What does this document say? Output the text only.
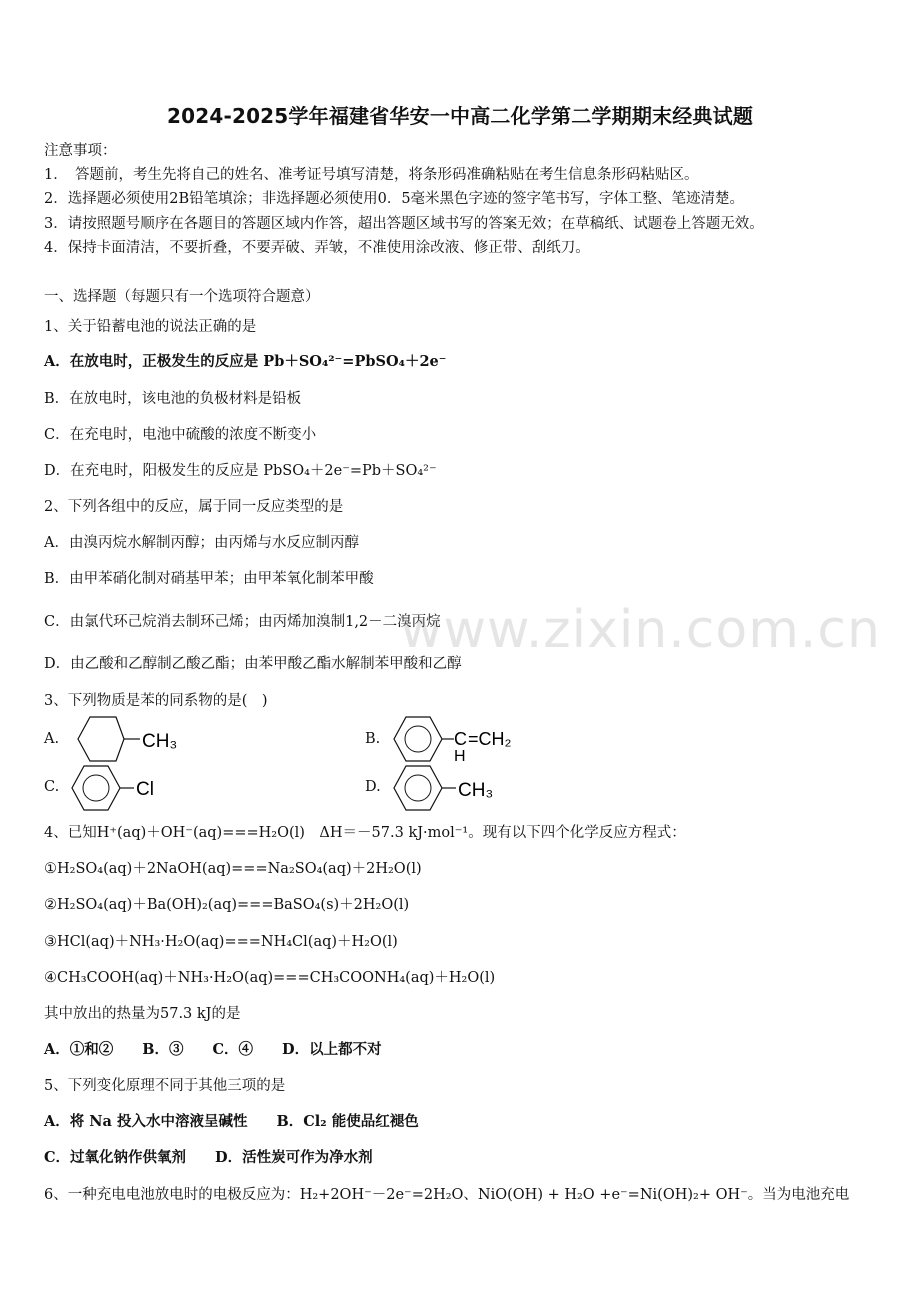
2024-2025学年福建省华安一中高二化学第二学期期末经典试题
注意事项：
1．　答题前，考生先将自己的姓名、准考证号填写清楚，将条形码准确粘贴在考生信息条形码粘贴区。
2．选择题必须使用2B铅笔填涂；非选择题必须使用0．5毫米黑色字迹的签字笔书写，字体工整、笔迹清楚。
3．请按照题号顺序在各题目的答题区域内作答，超出答题区域书写的答案无效；在草稿纸、试题卷上答题无效。
4．保持卡面清洁，不要折叠，不要弄破、弄皱，不准使用涂改液、修正带、刮纸刀。
一、选择题（每题只有一个选项符合题意）
1、关于铅蓄电池的说法正确的是
A．在放电时，正极发生的反应是 Pb＋SO₄²⁻=PbSO₄＋2e⁻
B．在放电时，该电池的负极材料是铅板
C．在充电时，电池中硫酸的浓度不断变小
D．在充电时，阳极发生的反应是 PbSO₄＋2e⁻=Pb＋SO₄²⁻
2、下列各组中的反应，属于同一反应类型的是
A．由溴丙烷水解制丙醇；由丙烯与水反应制丙醇
B．由甲苯硝化制对硝基甲苯；由甲苯氧化制苯甲酸
C．由氯代环己烷消去制环己烯；由丙烯加溴制1,2－二溴丙烷
D．由乙酸和乙醇制乙酸乙酯；由苯甲酸乙酯水解制苯甲酸和乙醇
www.zixin.com.cn
3、下列物质是苯的同系物的是(　)
A.	CH₃	B.	C =CH₂
H
C.	Cl	D.	CH₃
4、已知H⁺(aq)＋OH⁻(aq)===H₂O(l)　ΔH＝－57.3 kJ·mol⁻¹。现有以下四个化学反应方程式：
①H₂SO₄(aq)＋2NaOH(aq)===Na₂SO₄(aq)＋2H₂O(l)
②H₂SO₄(aq)＋Ba(OH)₂(aq)===BaSO₄(s)＋2H₂O(l)
③HCl(aq)＋NH₃·H₂O(aq)===NH₄Cl(aq)＋H₂O(l)
④CH₃COOH(aq)＋NH₃·H₂O(aq)===CH₃COONH₄(aq)＋H₂O(l)
其中放出的热量为57.3 kJ的是
A．①和②　　B．③　　C．④　　D．以上都不对
5、下列变化原理不同于其他三项的是
A．将 Na 投入水中溶液呈碱性　　B．Cl₂ 能使品红褪色
C．过氧化钠作供氧剂　　D．活性炭可作为净水剂
6、一种充电电池放电时的电极反应为：H₂+2OH⁻－2e⁻=2H₂O、NiO(OH) + H₂O +e⁻=Ni(OH)₂+ OH⁻。当为电池充电
